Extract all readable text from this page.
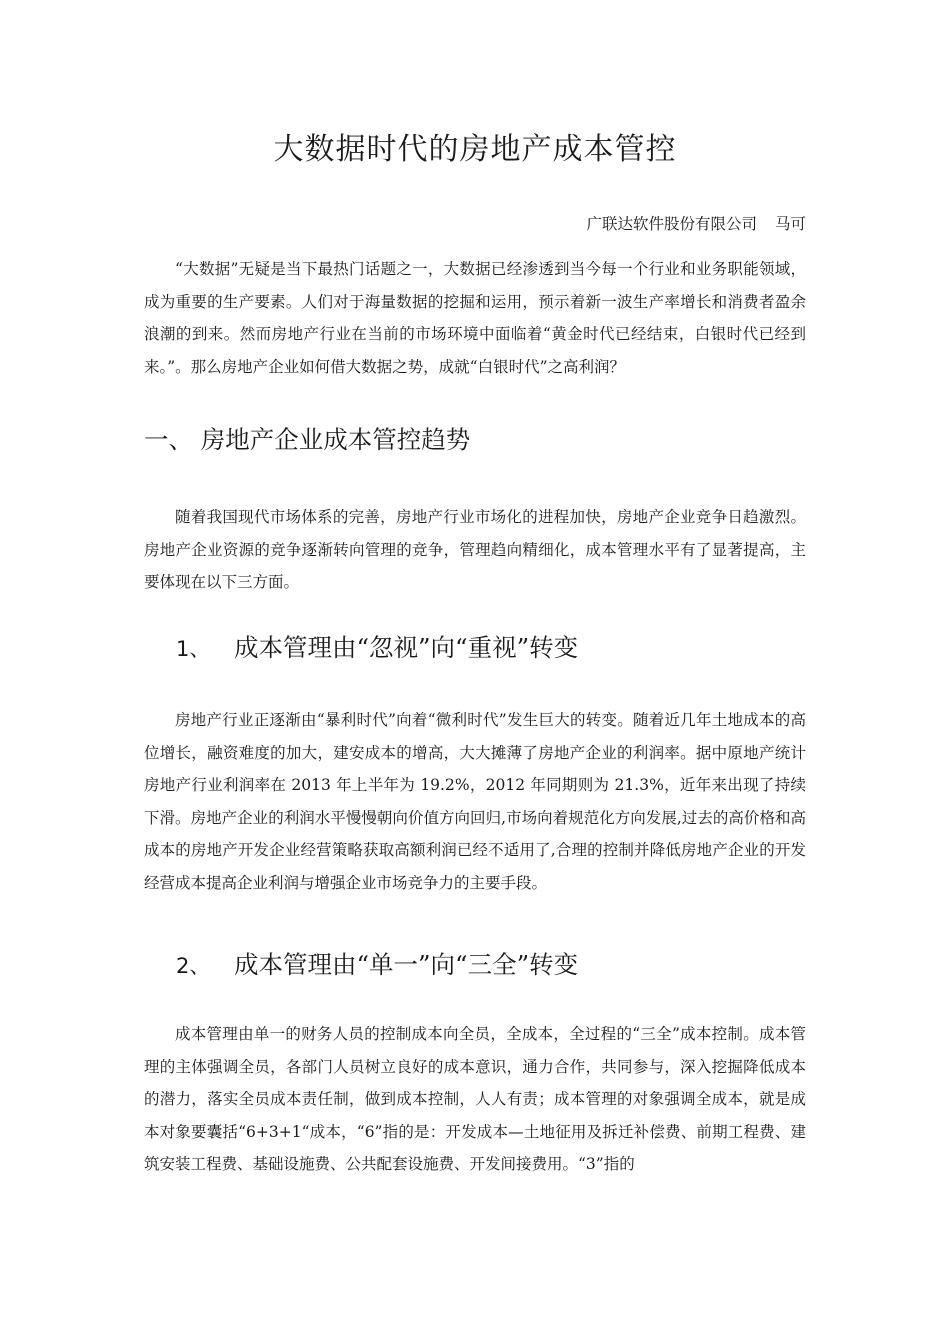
大数据时代的房地产成本管控

广联达软件股份有限公司 马可

“大数据”无疑是当下最热门话题之一，大数据已经渗透到当今每一个行业和业务职能领域，成为重要的生产要素。人们对于海量数据的挖掘和运用，预示着新一波生产率增长和消费者盈余浪潮的到来。然而房地产行业在当前的市场环境中面临着“黄金时代已经结束，白银时代已经到来。”。那么房地产企业如何借大数据之势，成就“白银时代”之高利润？

一、 房地产企业成本管控趋势

随着我国现代市场体系的完善，房地产行业市场化的进程加快，房地产企业竞争日趋激烈。房地产企业资源的竞争逐渐转向管理的竞争，管理趋向精细化，成本管理水平有了显著提高，主要体现在以下三方面。

1、 成本管理由“忽视”向“重视”转变

房地产行业正逐渐由“暴利时代”向着“微利时代”发生巨大的转变。随着近几年土地成本的高位增长，融资难度的加大，建安成本的增高，大大摊薄了房地产企业的利润率。据中原地产统计房地产行业利润率在 2013 年上半年为 19.2%，2012 年同期则为 21.3%，近年来出现了持续下滑。房地产企业的利润水平慢慢朝向价值方向回归,市场向着规范化方向发展,过去的高价格和高成本的房地产开发企业经营策略获取高额利润已经不适用了,合理的控制并降低房地产企业的开发经营成本提高企业利润与增强企业市场竞争力的主要手段。

2、 成本管理由“单一”向“三全”转变

成本管理由单一的财务人员的控制成本向全员，全成本，全过程的“三全”成本控制。成本管理的主体强调全员，各部门人员树立良好的成本意识，通力合作，共同参与，深入挖掘降低成本的潜力，落实全员成本责任制，做到成本控制，人人有责；成本管理的对象强调全成本，就是成本对象要囊括“6+3+1“成本，“6”指的是：开发成本—土地征用及拆迁补偿费、前期工程费、建筑安装工程费、基础设施费、公共配套设施费、开发间接费用。“3”指的
